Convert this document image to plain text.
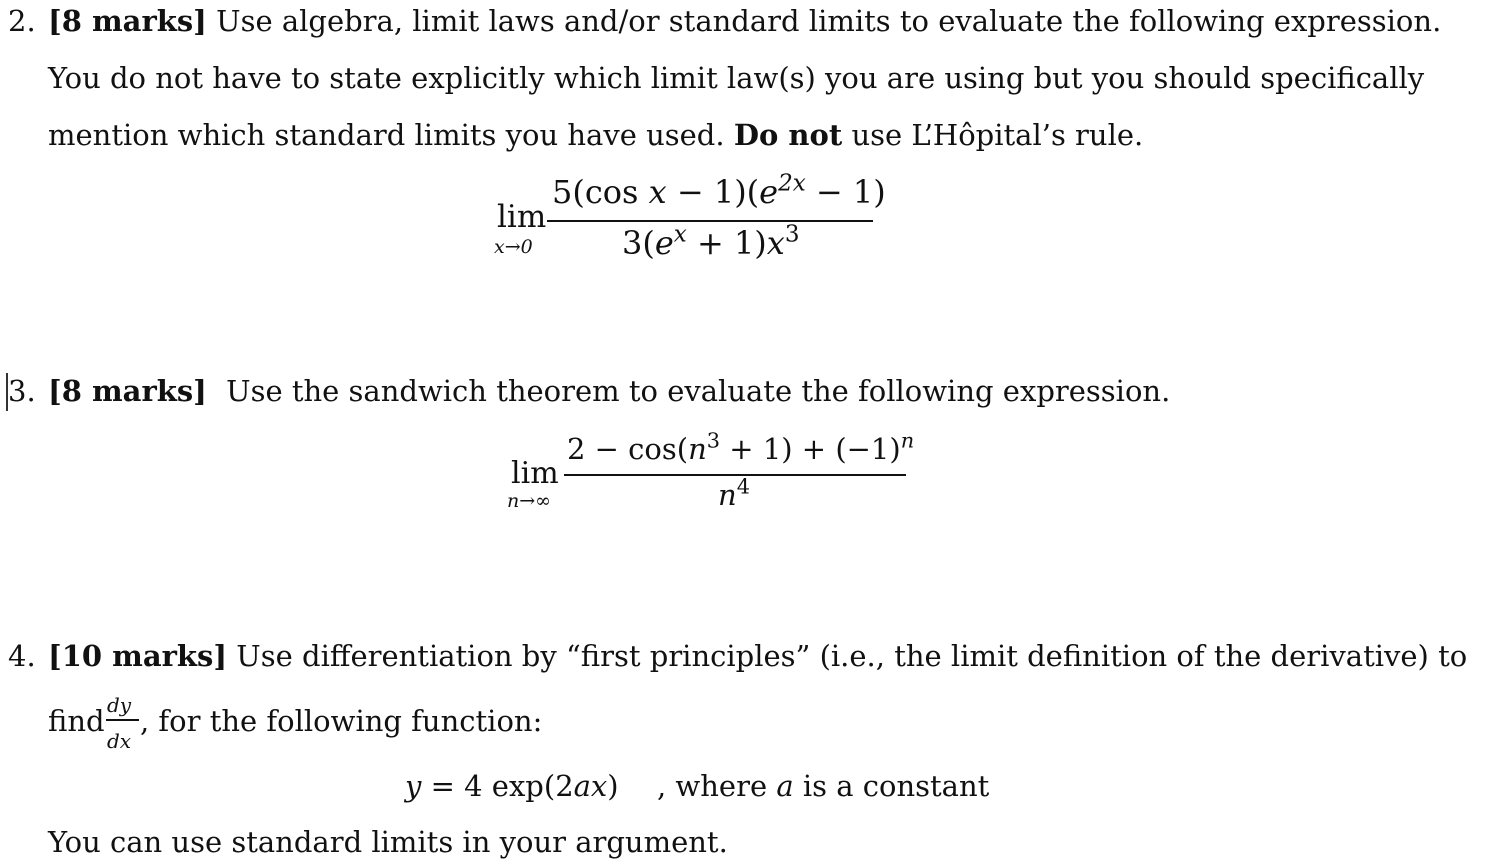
2. [8 marks] Use algebra, limit laws and/or standard limits to evaluate the following expression.
You do not have to state explicitly which limit law(s) you are using but you should specifically
mention which standard limits you have used. Do not use L’Hôpital’s rule.
lim
x→0
5(cos $x - 1)(e^{2x} - 1)$
$3(e^x + 1)x^3$
3. [8 marks] Use the sandwich theorem to evaluate the following expression.
lim
n→∞
$2 - \cos(n^3 + 1) + (-1)^n$
$n^4$
4. [10 marks] Use differentiation by “first principles” (i.e., the limit definition of the derivative) to
find dy
dx
, for the following function:
y = 4 exp(2ax) , where a is a constant
You can use standard limits in your argument.
